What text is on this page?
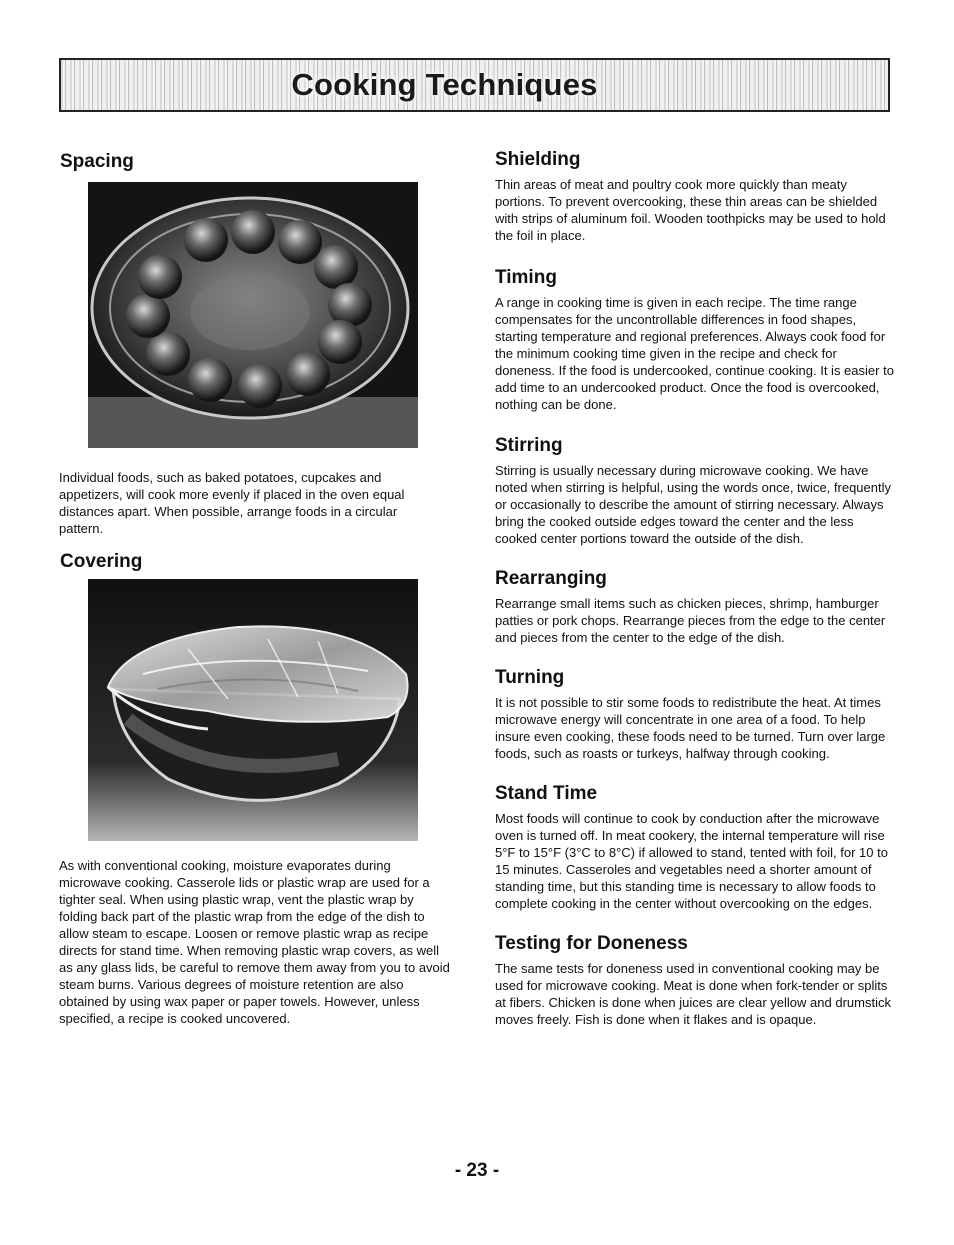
Cooking Techniques
Spacing

Individual foods, such as baked potatoes, cupcakes and appetizers, will cook more evenly if placed in the oven equal distances apart. When possible, arrange foods in a circular pattern.

Covering

As with conventional cooking, moisture evaporates during microwave cooking. Casserole lids or plastic wrap are used for a tighter seal. When using plastic wrap, vent the plastic wrap by folding back part of the plastic wrap from the edge of the dish to allow steam to escape. Loosen or remove plastic wrap as recipe directs for stand time. When removing plastic wrap covers, as well as any glass lids, be careful to remove them away from you to avoid steam burns. Various degrees of moisture retention are also obtained by using wax paper or paper towels. However, unless specified, a recipe is cooked uncovered.

Shielding

Thin areas of meat and poultry cook more quickly than meaty portions. To prevent overcooking, these thin areas can be shielded with strips of aluminum foil. Wooden toothpicks may be used to hold the foil in place.

Timing

A range in cooking time is given in each recipe. The time range compensates for the uncontrollable differences in food shapes, starting temperature and regional preferences. Always cook food for the minimum cooking time given in the recipe and check for doneness. If the food is undercooked, continue cooking. It is easier to add time to an undercooked product. Once the food is overcooked, nothing can be done.

Stirring

Stirring is usually necessary during microwave cooking. We have noted when stirring is helpful, using the words once, twice, frequently or occasionally to describe the amount of stirring necessary. Always bring the cooked outside edges toward the center and the less cooked center portions toward the outside of the dish.

Rearranging

Rearrange small items such as chicken pieces, shrimp, hamburger patties or pork chops. Rearrange pieces from the edge to the center and pieces from the center to the edge of the dish.

Turning

It is not possible to stir some foods to redistribute the heat. At times microwave energy will concentrate in one area of a food. To help insure even cooking, these foods need to be turned. Turn over large foods, such as roasts or turkeys, halfway through cooking.

Stand Time

Most foods will continue to cook by conduction after the microwave oven is turned off. In meat cookery, the internal temperature will rise 5°F to 15°F (3°C to 8°C) if allowed to stand, tented with foil, for 10 to 15 minutes. Casseroles and vegetables need a shorter amount of standing time, but this standing time is necessary to allow foods to complete cooking in the center without overcooking on the edges.

Testing for Doneness

The same tests for doneness used in conventional cooking may be used for microwave cooking. Meat is done when fork-tender or splits at fibers. Chicken is done when juices are clear yellow and drumstick moves freely. Fish is done when it flakes and is opaque.

- 23 -
